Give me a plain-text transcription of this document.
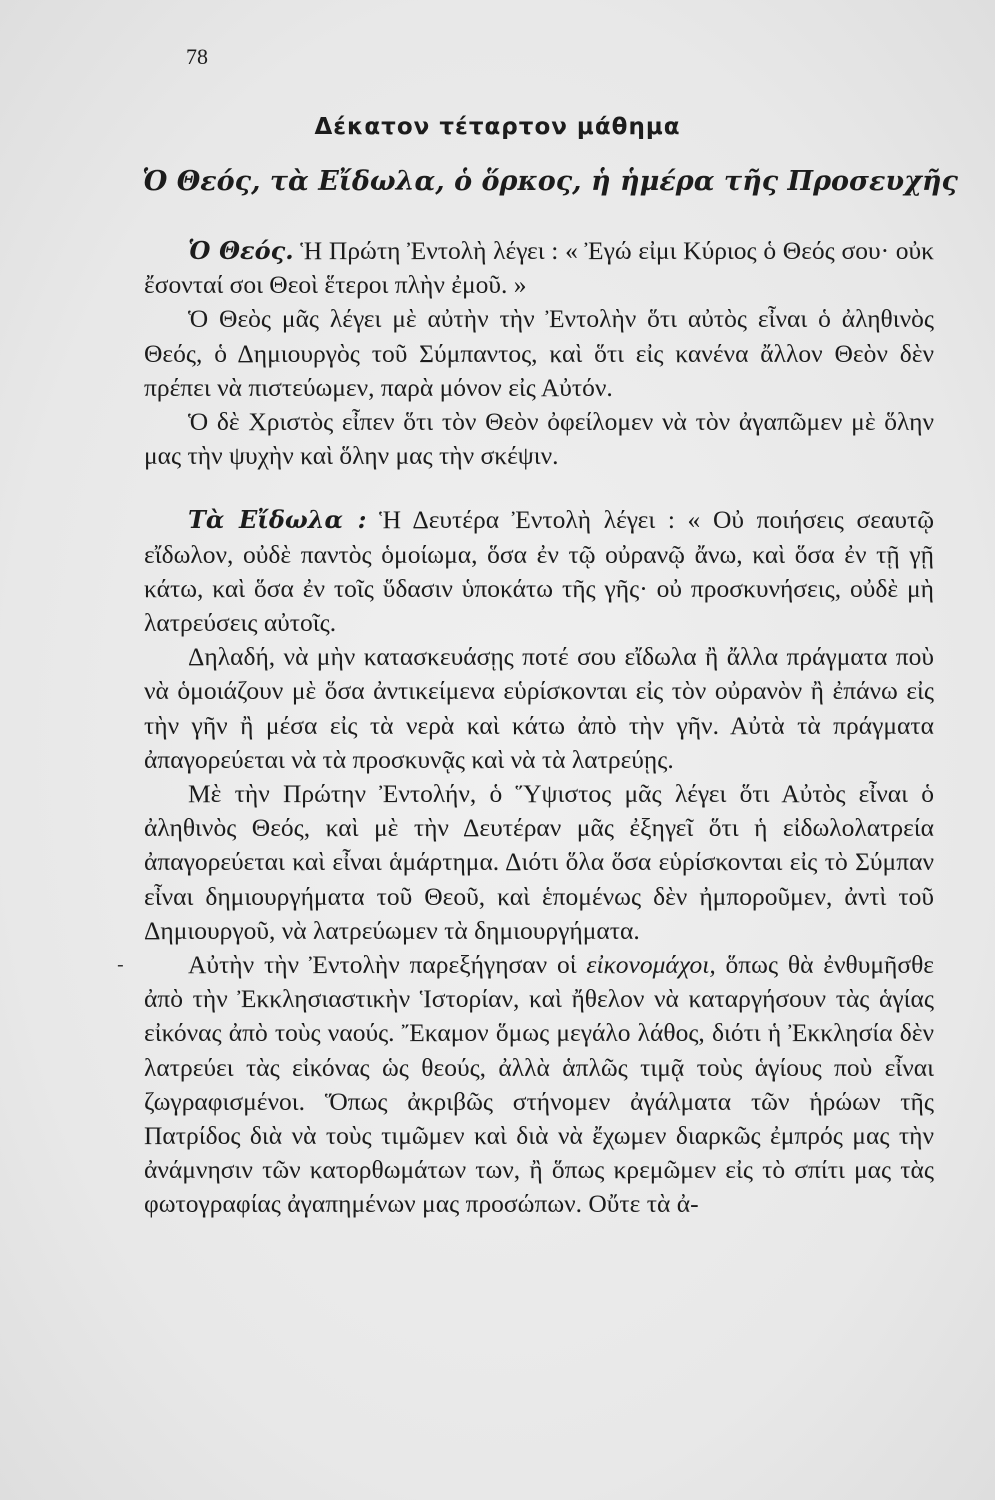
78
Δέκατον τέταρτον μάθημα
Ὁ Θεός, τὰ Εἴδωλα, ὁ ὅρκος, ἡ ἡμέρα τῆς Προσευχῆς
-

Ὁ Θεός. Ἡ Πρώτη Ἐντολὴ λέγει : « Ἐγώ εἰμι Κύριος ὁ Θεός σου· οὐκ ἔσονταί σοι Θεοὶ ἕτεροι πλὴν ἐμοῦ. »

Ὁ Θεὸς μᾶς λέγει μὲ αὐτὴν τὴν Ἐντολὴν ὅτι αὐτὸς εἶναι ὁ ἀληθινὸς Θεός, ὁ Δημιουργὸς τοῦ Σύμπαντος, καὶ ὅτι εἰς κανένα ἄλλον Θεὸν δὲν πρέπει νὰ πιστεύωμεν, παρὰ μόνον εἰς Αὐτόν.

Ὁ δὲ Χριστὸς εἶπεν ὅτι τὸν Θεὸν ὀφείλομεν νὰ τὸν ἀγαπῶμεν μὲ ὅλην μας τὴν ψυχὴν καὶ ὅλην μας τὴν σκέψιν.

Τὰ Εἴδωλα : Ἡ Δευτέρα Ἐντολὴ λέγει : « Οὐ ποιήσεις σεαυτῷ εἴδωλον, οὐδὲ παντὸς ὁμοίωμα, ὅσα ἐν τῷ οὐρανῷ ἄνω, καὶ ὅσα ἐν τῇ γῇ κάτω, καὶ ὅσα ἐν τοῖς ὕδασιν ὑποκάτω τῆς γῆς· οὐ προσκυνήσεις, οὐδὲ μὴ λατρεύσεις αὐτοῖς.

Δηλαδή, νὰ μὴν κατασκευάσῃς ποτέ σου εἴδωλα ἢ ἄλλα πράγματα ποὺ νὰ ὁμοιάζουν μὲ ὅσα ἀντικείμενα εὑρίσκονται εἰς τὸν οὐρανὸν ἢ ἐπάνω εἰς τὴν γῆν ἢ μέσα εἰς τὰ νερὰ καὶ κάτω ἀπὸ τὴν γῆν. Αὐτὰ τὰ πράγματα ἀπαγορεύεται νὰ τὰ προσκυνᾷς καὶ νὰ τὰ λατρεύῃς.

Μὲ τὴν Πρώτην Ἐντολήν, ὁ Ὕψιστος μᾶς λέγει ὅτι Αὐτὸς εἶναι ὁ ἀληθινὸς Θεός, καὶ μὲ τὴν Δευτέραν μᾶς ἐξηγεῖ ὅτι ἡ εἰδωλολατρεία ἀπαγορεύεται καὶ εἶναι ἁμάρτημα. Διότι ὅλα ὅσα εὑρίσκονται εἰς τὸ Σύμπαν εἶναι δημιουργήματα τοῦ Θεοῦ, καὶ ἑπομένως δὲν ἠμποροῦμεν, ἀντὶ τοῦ Δημιουργοῦ, νὰ λατρεύωμεν τὰ δημιουργήματα.

Αὐτὴν τὴν Ἐντολὴν παρεξήγησαν οἱ εἰκονομάχοι, ὅπως θὰ ἐνθυμῆσθε ἀπὸ τὴν Ἐκκλησιαστικὴν Ἱστορίαν, καὶ ἤθελον νὰ καταργήσουν τὰς ἁγίας εἰκόνας ἀπὸ τοὺς ναούς. Ἔκαμον ὅμως μεγάλο λάθος, διότι ἡ Ἐκκλησία δὲν λατρεύει τὰς εἰκόνας ὡς θεούς, ἀλλὰ ἁπλῶς τιμᾷ τοὺς ἁγίους ποὺ εἶναι ζωγραφισμένοι. Ὅπως ἀκριβῶς στήνομεν ἀγάλματα τῶν ἡρώων τῆς Πατρίδος διὰ νὰ τοὺς τιμῶμεν καὶ διὰ νὰ ἔχωμεν διαρκῶς ἐμπρός μας τὴν ἀνάμνησιν τῶν κατορθωμάτων των, ἢ ὅπως κρεμῶμεν εἰς τὸ σπίτι μας τὰς φωτογραφίας ἀγαπημένων μας προσώπων. Οὔτε τὰ ἀ-
